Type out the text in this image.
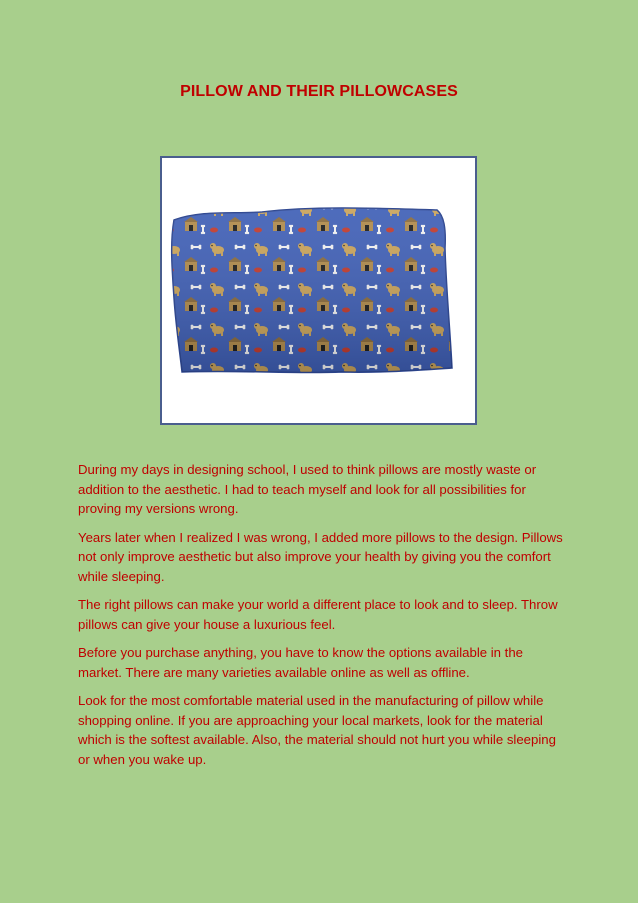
PILLOW AND THEIR PILLOWCASES

During my days in designing school, I used to think pillows are mostly waste or addition to the aesthetic. I had to teach myself and look for all possibilities for proving my versions wrong.

Years later when I realized I was wrong, I added more pillows to the design. Pillows not only improve aesthetic but also improve your health by giving you the comfort while sleeping.

The right pillows can make your world a different place to look and to sleep. Throw pillows can give your house a luxurious feel.

Before you purchase anything, you have to know the options available in the market. There are many varieties available online as well as offline.

Look for the most comfortable material used in the manufacturing of pillow while shopping online. If you are approaching your local markets, look for the material which is the softest available. Also, the material should not hurt you while sleeping or when you wake up.
